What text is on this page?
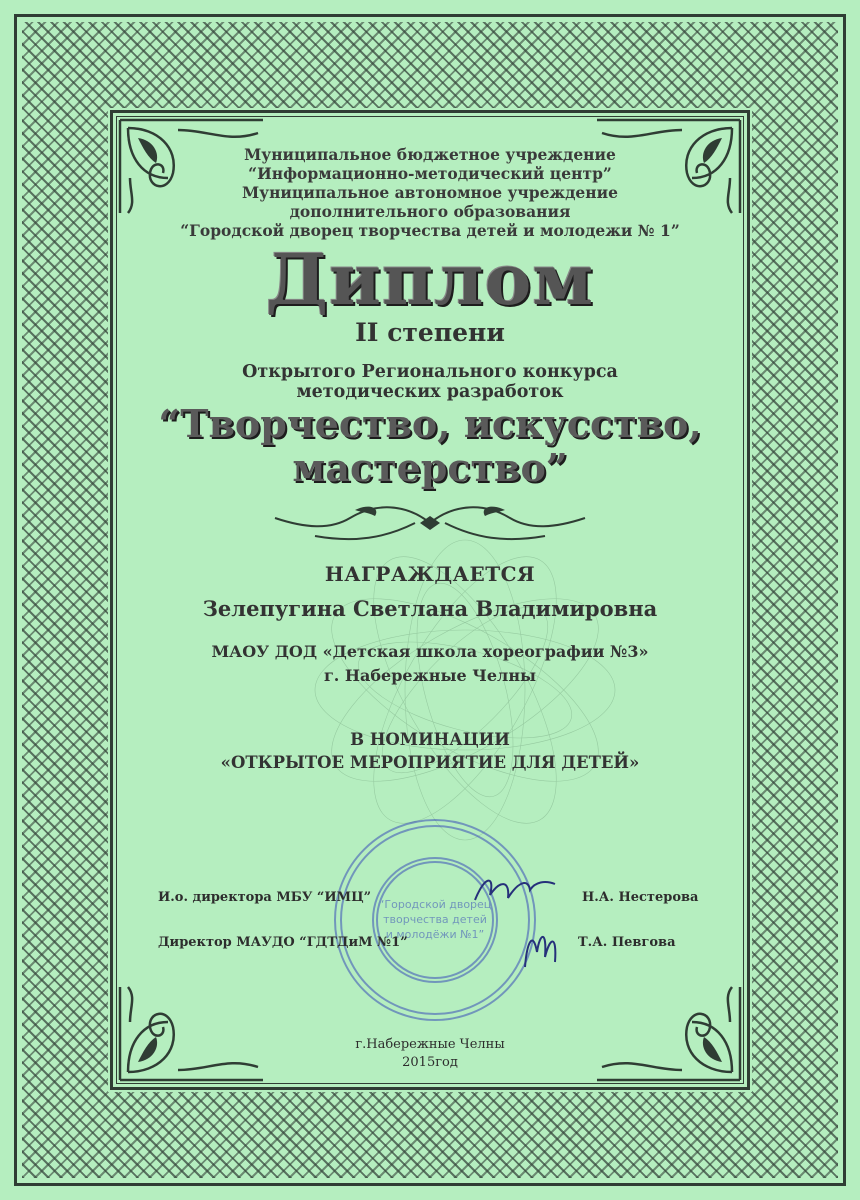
Муниципальное бюджетное учреждение
“Информационно-методический центр”
Муниципальное автономное учреждение
дополнительного образования
“Городской дворец творчества детей и молодежи № 1”
Диплом
II степени
Открытого Регионального конкурса
методических разработок
“Творчество, искусство,
мастерство”
НАГРАЖДАЕТСЯ
Зелепугина Светлана Владимировна
МАОУ ДОД «Детская школа хореографии №3»
г. Набережные Челны
В НОМИНАЦИИ
«ОТКРЫТОЕ МЕРОПРИЯТИЕ ДЛЯ ДЕТЕЙ»
“Городской дворец
творчества детей
и молодёжи №1”
И.о. директора МБУ “ИМЦ”	Н.А. Нестерова
Директор МАУДО “ГДТДиМ №1”	Т.А. Певгова
г.Набережные Челны
2015год
